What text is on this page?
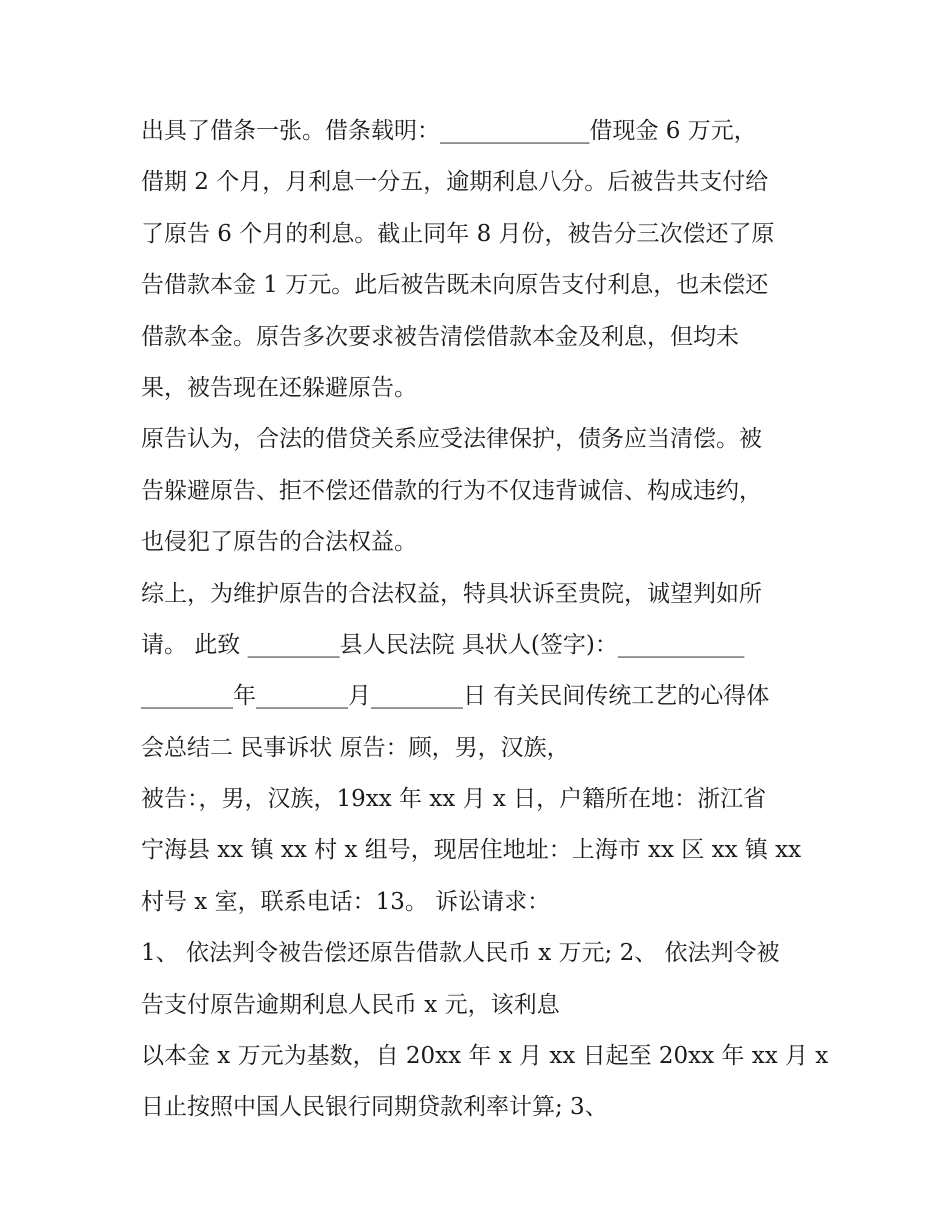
出具了借条一张。借条载明：_____________借现金 6 万元，
借期 2 个月，月利息一分五，逾期利息八分。后被告共支付给
了原告 6 个月的利息。截止同年 8 月份，被告分三次偿还了原
告借款本金 1 万元。此后被告既未向原告支付利息，也未偿还
借款本金。原告多次要求被告清偿借款本金及利息，但均未
果，被告现在还躲避原告。
原告认为，合法的借贷关系应受法律保护，债务应当清偿。被
告躲避原告、拒不偿还借款的行为不仅违背诚信、构成违约，
也侵犯了原告的合法权益。
综上，为维护原告的合法权益，特具状诉至贵院，诚望判如所
请。 此致 ________县人民法院 具状人(签字)：___________
________年________月________日 有关民间传统工艺的心得体
会总结二 民事诉状 原告：顾，男，汉族，
被告：，男，汉族，19xx 年 xx 月 x 日，户籍所在地：浙江省
宁海县 xx 镇 xx 村 x 组号，现居住地址：上海市 xx 区 xx 镇 xx
村号 x 室，联系电话：13。 诉讼请求：
1、 依法判令被告偿还原告借款人民币 x 万元; 2、 依法判令被
告支付原告逾期利息人民币 x 元，该利息
以本金 x 万元为基数，自 20xx 年 x 月 xx 日起至 20xx 年 xx 月 x
日止按照中国人民银行同期贷款利率计算; 3、
